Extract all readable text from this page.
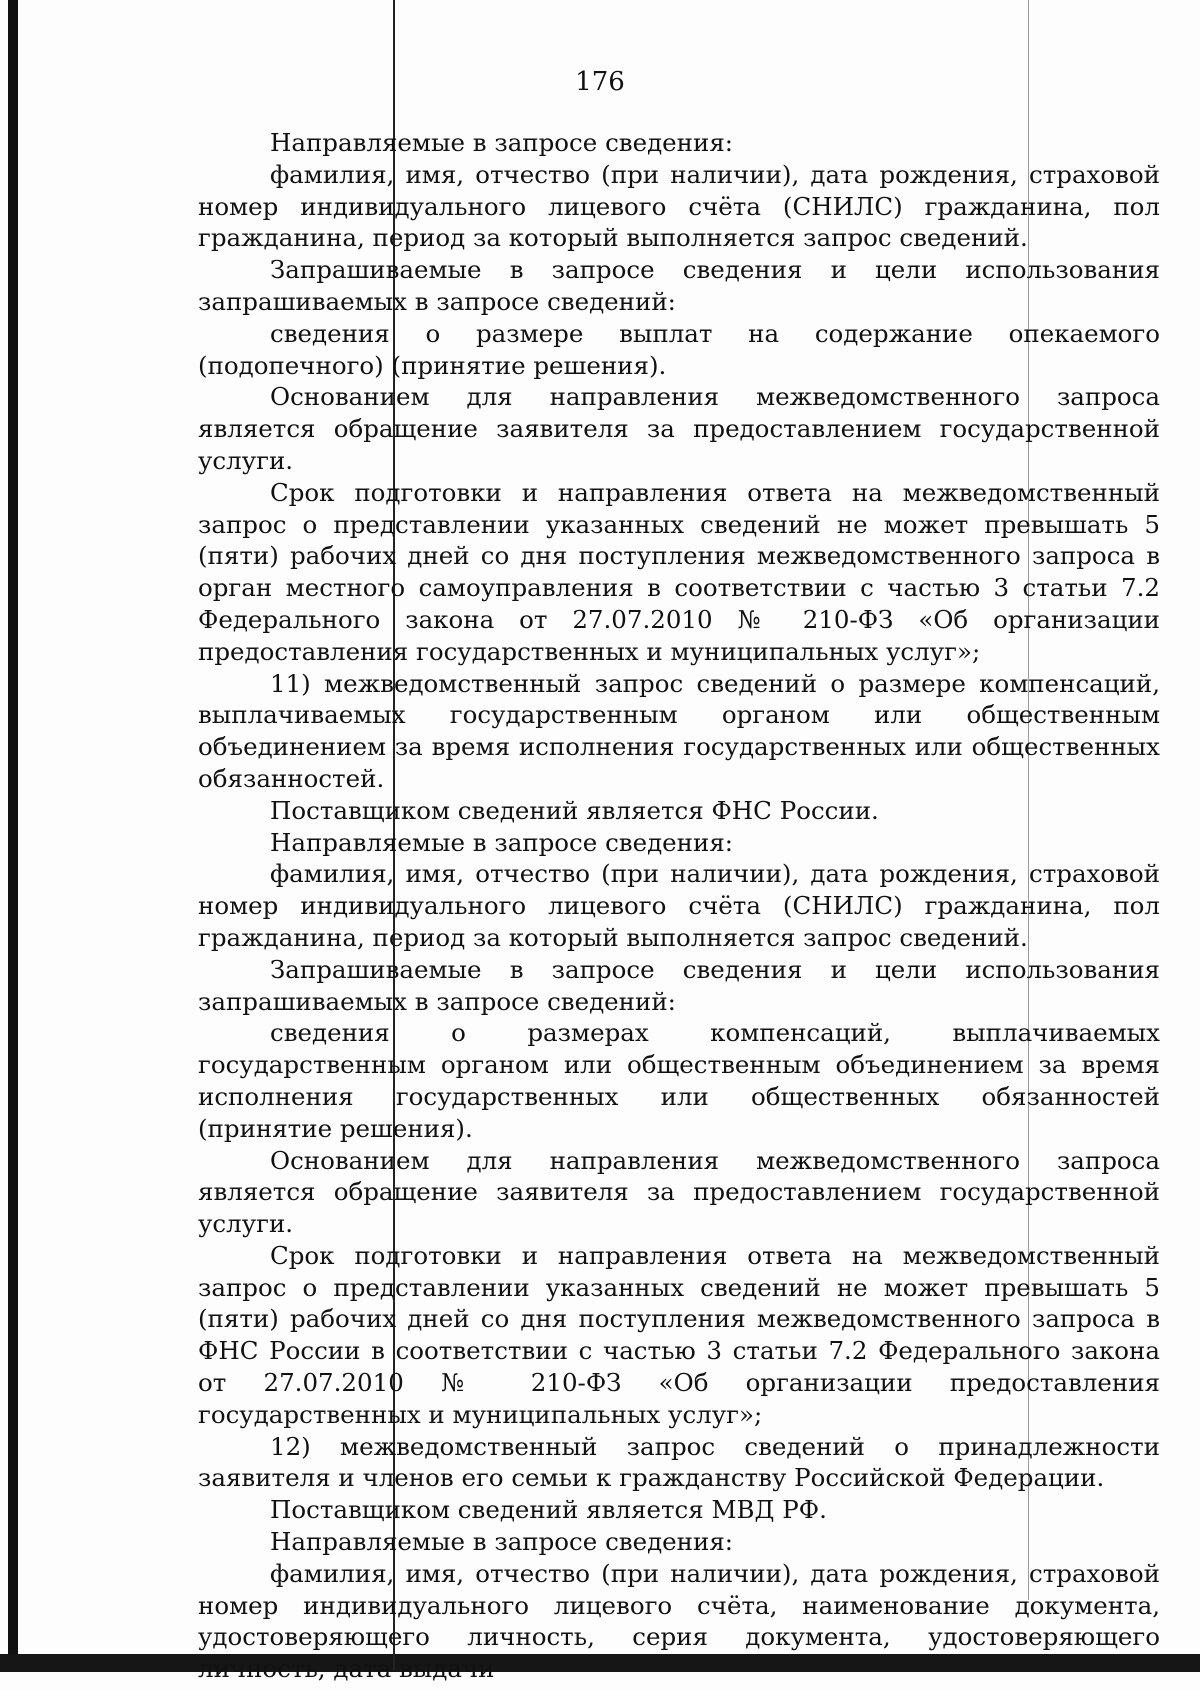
176

Направляемые в запросе сведения:

фамилия, имя, отчество (при наличии), дата рождения, страховой номер индивидуального лицевого счёта (СНИЛС) гражданина, пол гражданина, период за который выполняется запрос сведений.

Запрашиваемые в запросе сведения и цели использования запрашиваемых в запросе сведений:

сведения о размере выплат на содержание опекаемого (подопечного) (принятие решения).

Основанием для направления межведомственного запроса является обращение заявителя за предоставлением государственной услуги.

Срок подготовки и направления ответа на межведомственный запрос о представлении указанных сведений не может превышать 5 (пяти) рабочих дней со дня поступления межведомственного запроса в орган местного самоуправления в соответствии с частью 3 статьи 7.2 Федерального закона от 27.07.2010 № 210-ФЗ «Об организации предоставления государственных и муниципальных услуг»;

11) межведомственный запрос сведений о размере компенсаций, выплачиваемых государственным органом или общественным объединением за время исполнения государственных или общественных обязанностей.

Поставщиком сведений является ФНС России.

Направляемые в запросе сведения:

фамилия, имя, отчество (при наличии), дата рождения, страховой номер индивидуального лицевого счёта (СНИЛС) гражданина, пол гражданина, период за который выполняется запрос сведений.

Запрашиваемые в запросе сведения и цели использования запрашиваемых в запросе сведений:

сведения о размерах компенсаций, выплачиваемых государственным органом или общественным объединением за время исполнения государственных или общественных обязанностей (принятие решения).

Основанием для направления межведомственного запроса является обращение заявителя за предоставлением государственной услуги.

Срок подготовки и направления ответа на межведомственный запрос о представлении указанных сведений не может превышать 5 (пяти) рабочих дней со дня поступления межведомственного запроса в ФНС России в соответствии с частью 3 статьи 7.2 Федерального закона от 27.07.2010 № 210-ФЗ «Об организации предоставления государственных и муниципальных услуг»;

12) межведомственный запрос сведений о принадлежности заявителя и членов его семьи к гражданству Российской Федерации.

Поставщиком сведений является МВД РФ.

Направляемые в запросе сведения:

фамилия, имя, отчество (при наличии), дата рождения, страховой номер индивидуального лицевого счёта, наименование документа, удостоверяющего личность, серия документа, удостоверяющего личность, дата выдачи
